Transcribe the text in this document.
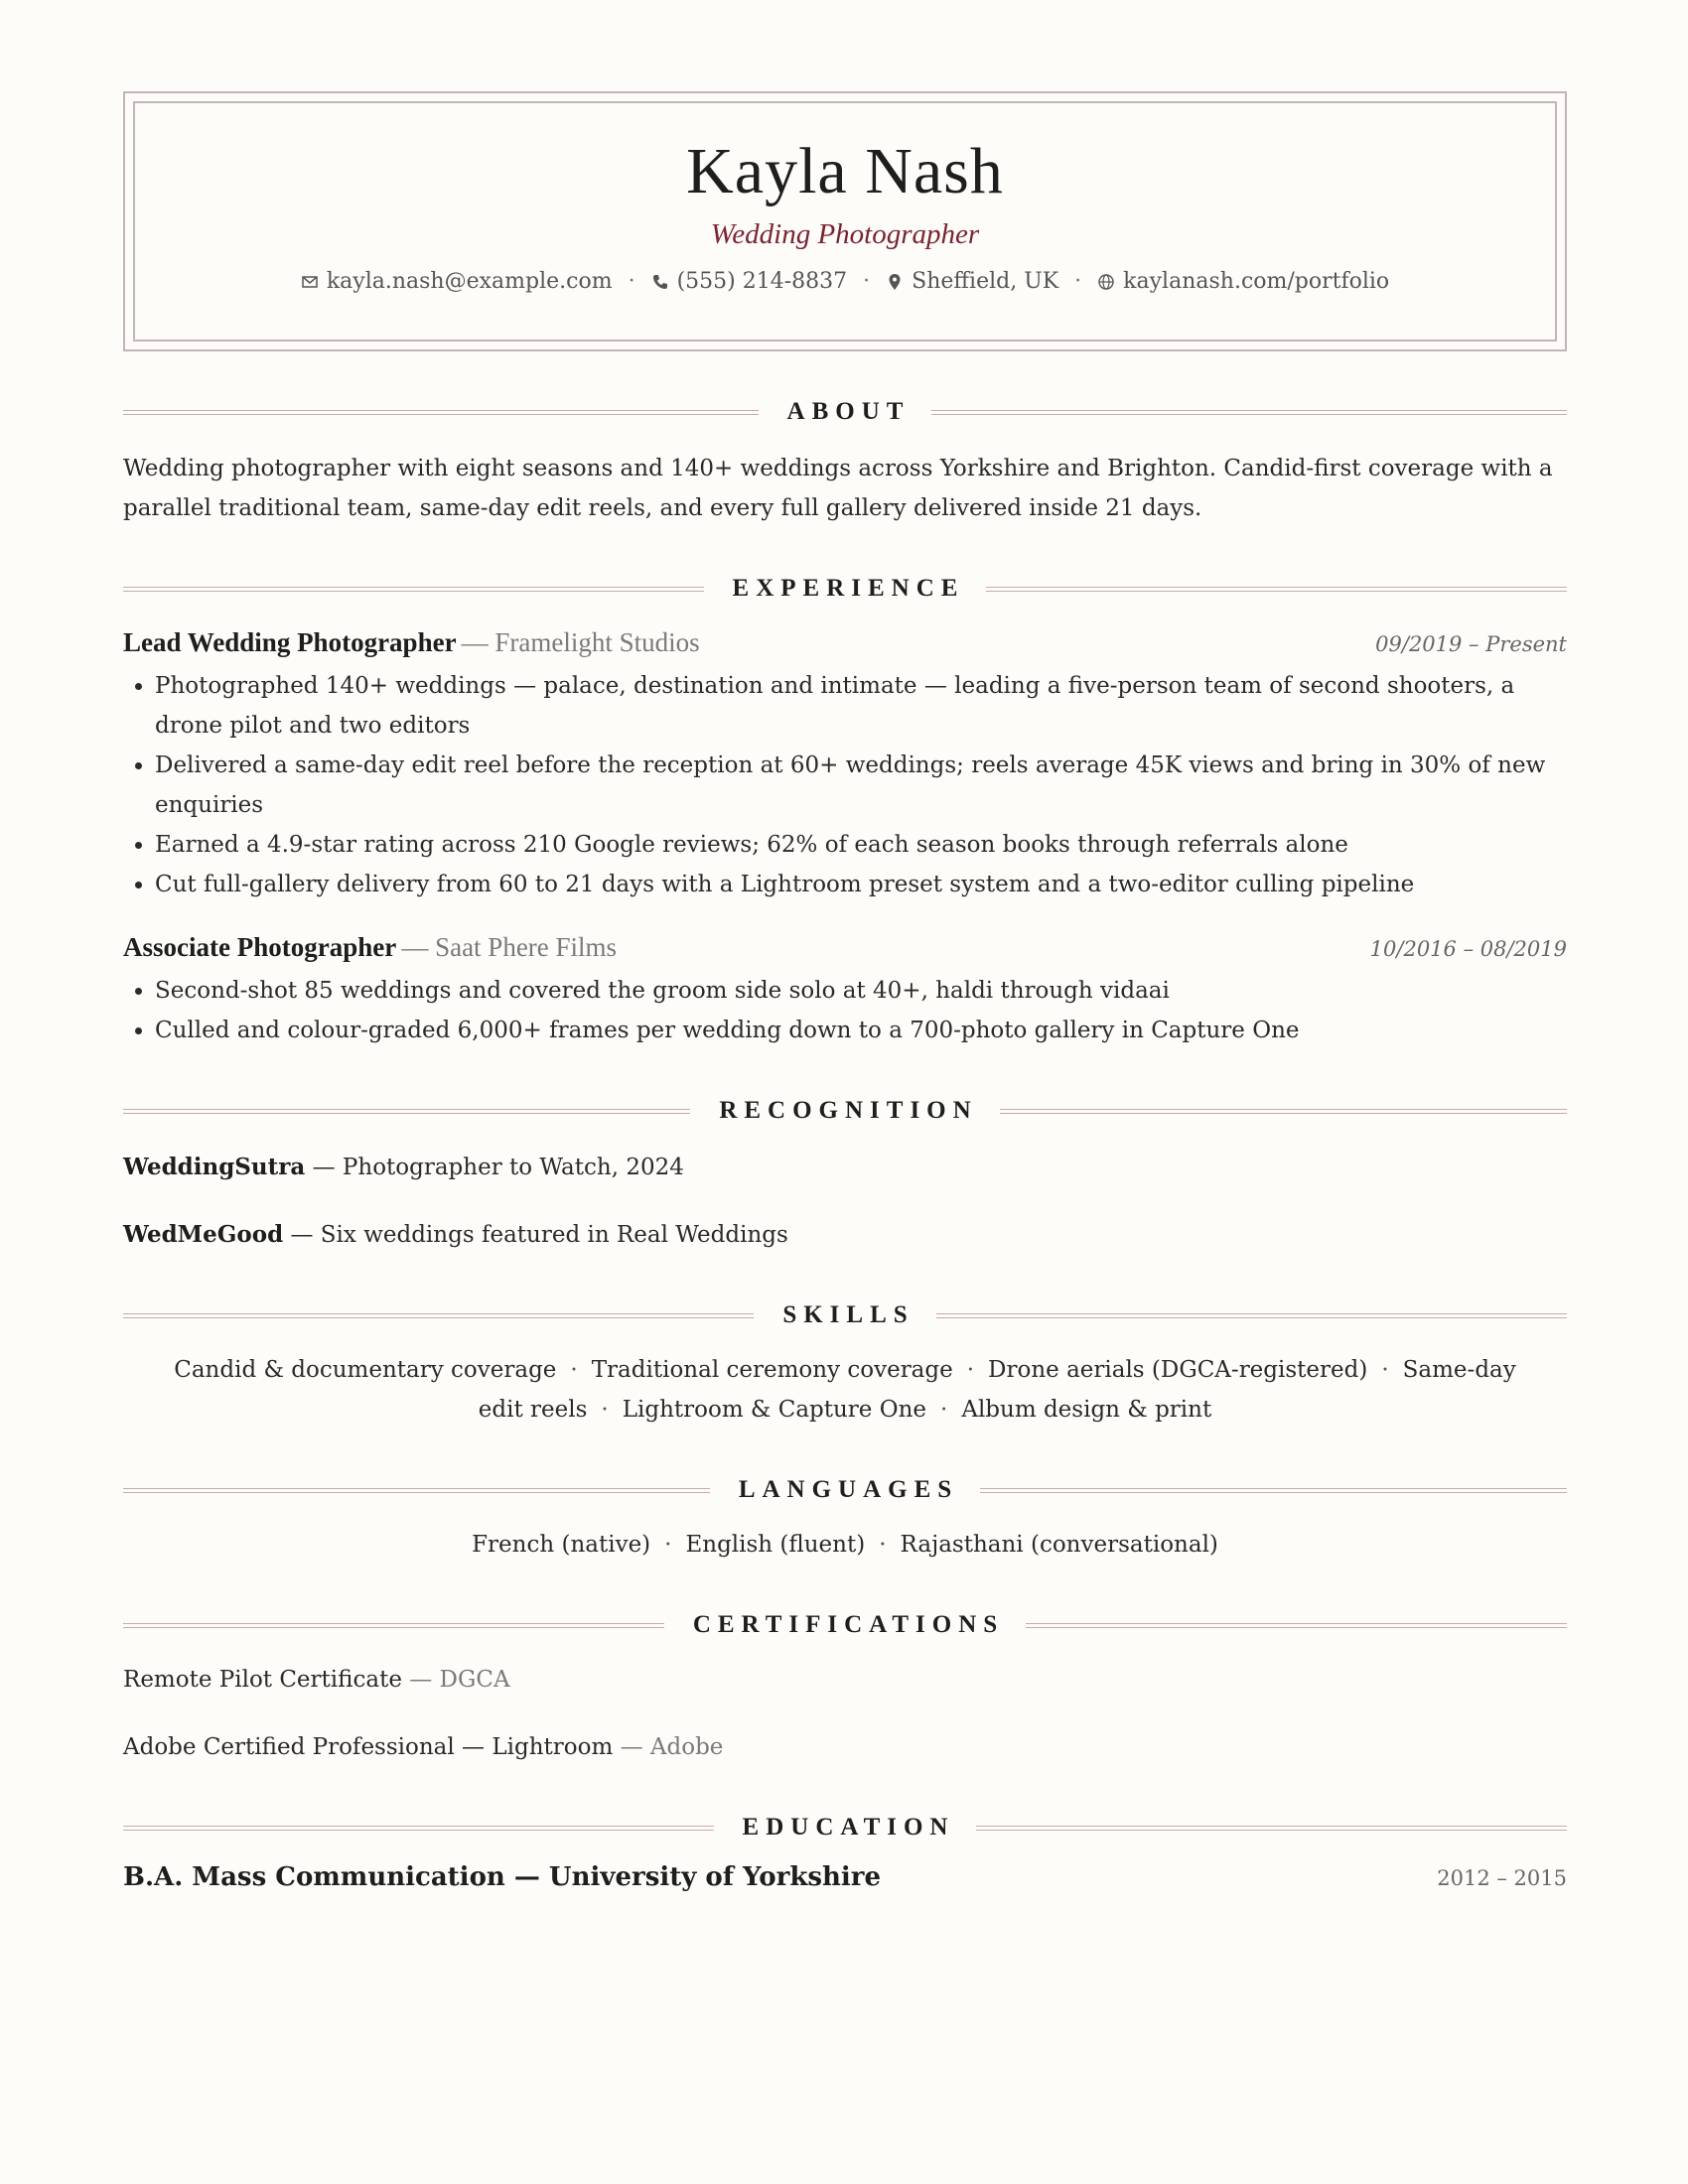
Kayla Nash
Wedding Photographer
kayla.nash@example.com · (555) 214-8837 · Sheffield, UK · kaylanash.com/portfolio
ABOUT
Wedding photographer with eight seasons and 140+ weddings across Yorkshire and Brighton. Candid-first coverage with a parallel traditional team, same-day edit reels, and every full gallery delivered inside 21 days.
EXPERIENCE
Lead Wedding Photographer — Framelight Studios	09/2019 – Present
• Photographed 140+ weddings — palace, destination and intimate — leading a five-person team of second shooters, a drone pilot and two editors
• Delivered a same-day edit reel before the reception at 60+ weddings; reels average 45K views and bring in 30% of new enquiries
• Earned a 4.9-star rating across 210 Google reviews; 62% of each season books through referrals alone
• Cut full-gallery delivery from 60 to 21 days with a Lightroom preset system and a two-editor culling pipeline
Associate Photographer — Saat Phere Films	10/2016 – 08/2019
• Second-shot 85 weddings and covered the groom side solo at 40+, haldi through vidaai
• Culled and colour-graded 6,000+ frames per wedding down to a 700-photo gallery in Capture One
RECOGNITION
WeddingSutra — Photographer to Watch, 2024
WedMeGood — Six weddings featured in Real Weddings
SKILLS
Candid & documentary coverage · Traditional ceremony coverage · Drone aerials (DGCA-registered) · Same-day edit reels · Lightroom & Capture One · Album design & print
LANGUAGES
French (native) · English (fluent) · Rajasthani (conversational)
CERTIFICATIONS
Remote Pilot Certificate — DGCA
Adobe Certified Professional — Lightroom — Adobe
EDUCATION
B.A. Mass Communication — University of Yorkshire	2012 – 2015
